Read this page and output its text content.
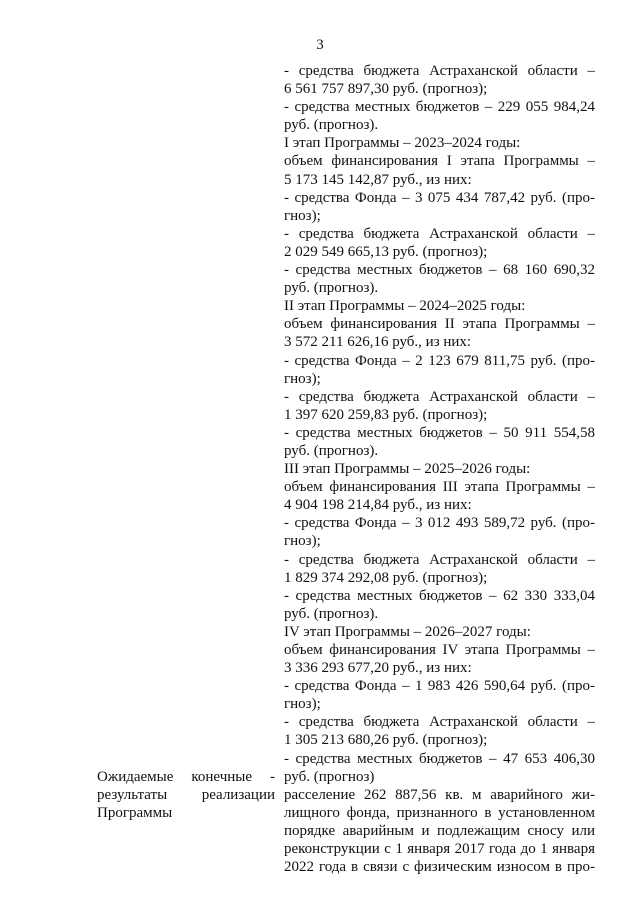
3
- средства бюджета Астраханской области –
6 561 757 897,30 руб. (прогноз);
- средства местных бюджетов – 229 055 984,24
руб. (прогноз).
I этап Программы – 2023–2024 годы:
объем финансирования I этапа Программы –
5 173 145 142,87 руб., из них:
- средства Фонда – 3 075 434 787,42 руб. (про-
гноз);
- средства бюджета Астраханской области –
2 029 549 665,13 руб. (прогноз);
- средства местных бюджетов – 68 160 690,32
руб. (прогноз).
II этап Программы – 2024–2025 годы:
объем финансирования II этапа Программы –
3 572 211 626,16 руб., из них:
- средства Фонда – 2 123 679 811,75 руб. (про-
гноз);
- средства бюджета Астраханской области –
1 397 620 259,83 руб. (прогноз);
- средства местных бюджетов – 50 911 554,58
руб. (прогноз).
III этап Программы – 2025–2026 годы:
объем финансирования III этапа Программы –
4 904 198 214,84 руб., из них:
- средства Фонда – 3 012 493 589,72 руб. (про-
гноз);
- средства бюджета Астраханской области –
1 829 374 292,08 руб. (прогноз);
- средства местных бюджетов – 62 330 333,04
руб. (прогноз).
IV этап Программы – 2026–2027 годы:
объем финансирования IV этапа Программы –
3 336 293 677,20 руб., из них:
- средства Фонда – 1 983 426 590,64 руб. (про-
гноз);
- средства бюджета Астраханской области –
1 305 213 680,26 руб. (прогноз);
- средства местных бюджетов – 47 653 406,30
руб. (прогноз)
расселение 262 887,56 кв. м аварийного жи-
лищного фонда, признанного в установленном
порядке аварийным и подлежащим сносу или
реконструкции с 1 января 2017 года до 1 января
2022 года в связи с физическим износом в про-
Ожидаемые конечные -
результаты реализации
Программы
